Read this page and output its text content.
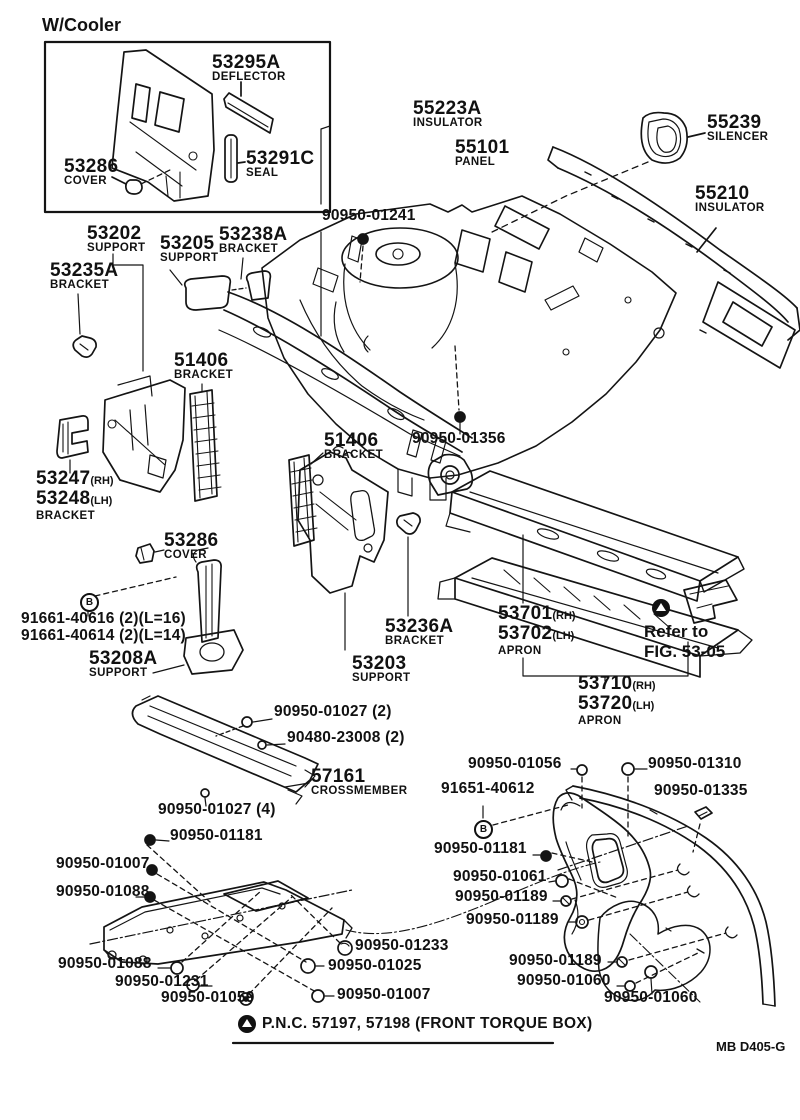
W/Cooler
53295A
DEFLECTOR
53286
COVER
53291C
SEAL
55223A
INSULATOR
55101
PANEL
55239
SILENCER
55210
INSULATOR
90950-01241
53202
SUPPORT 53205
SUPPORT
53238A
BRACKET
53235A
BRACKET
51406
BRACKET
53247(RH)
53248(LH)
BRACKET
51406
BRACKET
90950-01356
53286
COVER
B
91661-40616 (2)(L=16)
91661-40614 (2)(L=14)
53208A
SUPPORT
53236A
BRACKET
53203
SUPPORT
53701(RH)
53702(LH)
APRON
Refer to
FIG. 53-05
53710(RH)
53720(LH)
APRON
90950-01027 (2)
90480-23008 (2)
57161
CROSSMEMBER
90950-01027 (4)
90950-01181
90950-01007
90950-01088
90950-01088
90950-01231
90950-01059
90950-01233
90950-01025
90950-01007
90950-01056	90950-01310
91651-40612	90950-01335
B
90950-01181
90950-01061
90950-01189
90950-01189
90950-01189
90950-01060
90950-01060
P.N.C. 57197, 57198 (FRONT TORQUE BOX)
MB D405-G
